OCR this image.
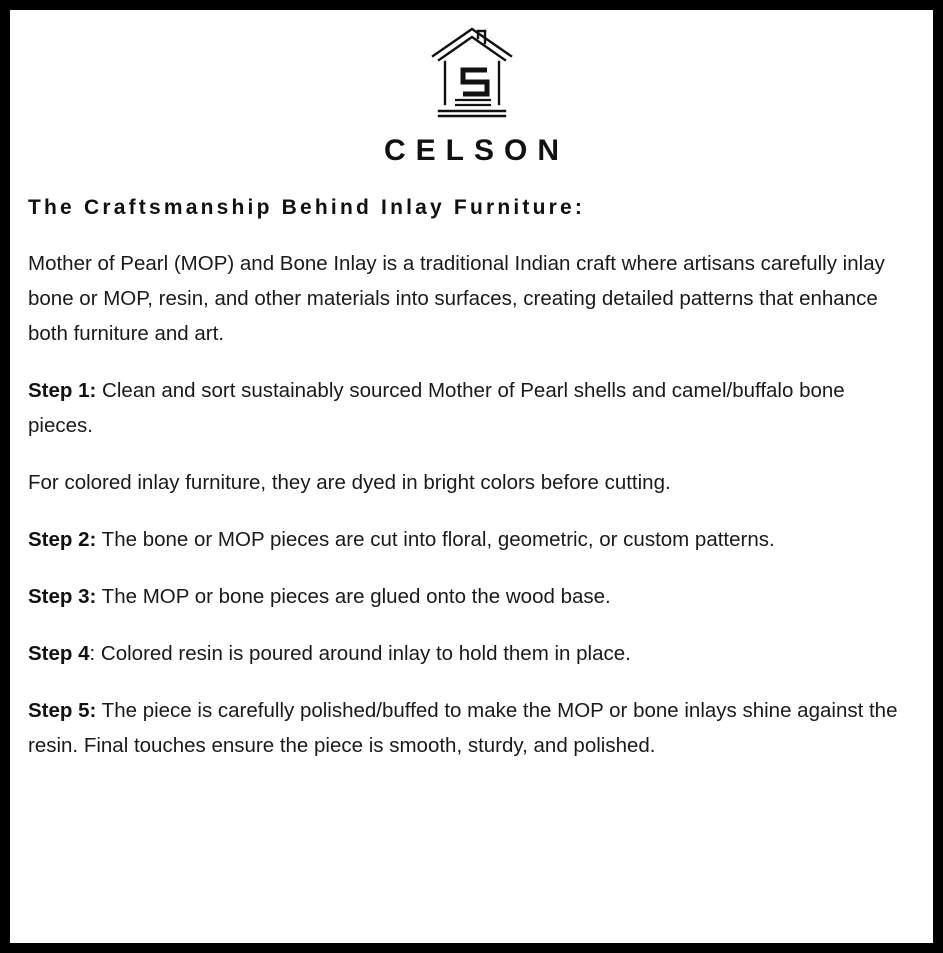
CELSON
The Craftsmanship Behind Inlay Furniture:

Mother of Pearl (MOP) and Bone Inlay is a traditional Indian craft where artisans carefully inlay bone or MOP, resin, and other materials into surfaces, creating detailed patterns that enhance both furniture and art.

Step 1: Clean and sort sustainably sourced Mother of Pearl shells and camel/buffalo bone pieces.

For colored inlay furniture, they are dyed in bright colors before cutting.

Step 2: The bone or MOP pieces are cut into floral, geometric, or custom patterns.

Step 3: The MOP or bone pieces are glued onto the wood base.

Step 4: Colored resin is poured around inlay to hold them in place.

Step 5: The piece is carefully polished/buffed to make the MOP or bone inlays shine against the resin. Final touches ensure the piece is smooth, sturdy, and polished.
